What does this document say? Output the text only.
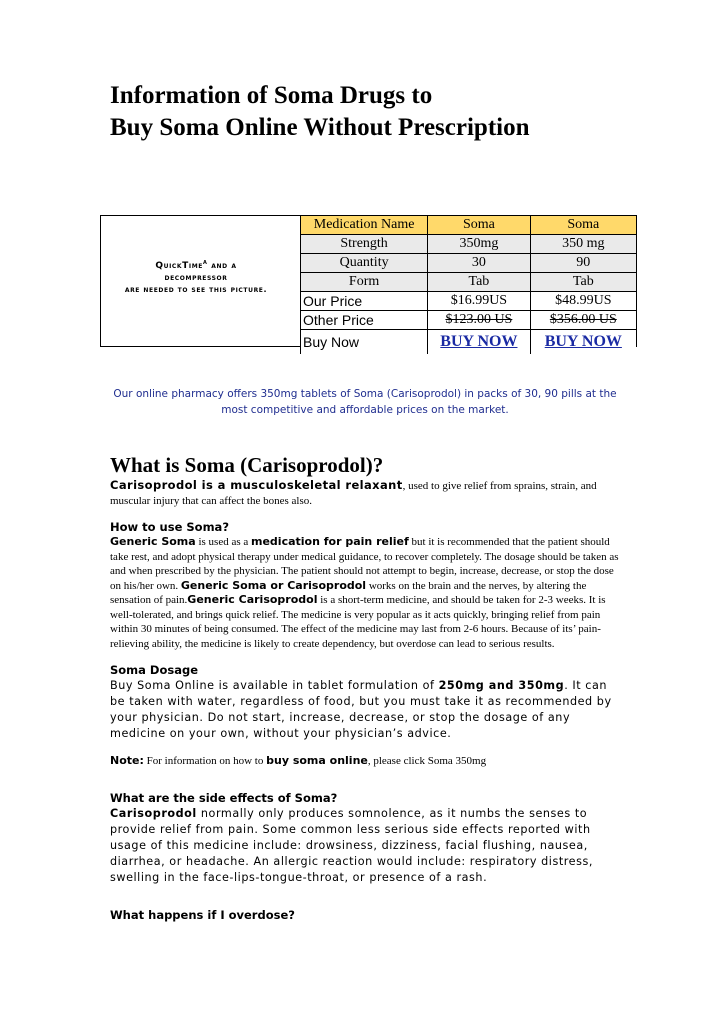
Information of Soma Drugs to
Buy Soma Online Without Prescription
QuickTime$^a$ and a
decompressor
are needed to see this picture.
Medication Name	Soma	Soma
Strength	350mg	350 mg
Quantity	30	90
Form	Tab	Tab
Our Price	$16.99US	$48.99US
Other Price	$123.00 US	$356.00 US
Buy Now	BUY NOW	BUY NOW
Our online pharmacy offers 350mg tablets of Soma (Carisoprodol) in packs of 30, 90 pills at the most competitive and affordable prices on the market.
What is Soma (Carisoprodol)?

Carisoprodol is a musculoskeletal relaxant, used to give relief from sprains, strain, and muscular injury that can affect the bones also.

How to use Soma?

Generic Soma is used as a medication for pain relief but it is recommended that the patient should take rest, and adopt physical therapy under medical guidance, to recover completely. The dosage should be taken as and when prescribed by the physician. The patient should not attempt to begin, increase, decrease, or stop the dose on his/her own. Generic Soma or Carisoprodol works on the brain and the nerves, by altering the sensation of pain.Generic Carisoprodol is a short-term medicine, and should be taken for 2-3 weeks. It is well-tolerated, and brings quick relief. The medicine is very popular as it acts quickly, bringing relief from pain within 30 minutes of being consumed. The effect of the medicine may last from 2-6 hours. Because of its’ pain-relieving ability, the medicine is likely to create dependency, but overdose can lead to serious results.

Soma Dosage

Buy Soma Online is available in tablet formulation of 250mg and 350mg. It can be taken with water, regardless of food, but you must take it as recommended by your physician. Do not start, increase, decrease, or stop the dosage of any medicine on your own, without your physician’s advice.

Note: For information on how to buy soma online, please click Soma 350mg

What are the side effects of Soma?

Carisoprodol normally only produces somnolence, as it numbs the senses to provide relief from pain. Some common less serious side effects reported with usage of this medicine include: drowsiness, dizziness, facial flushing, nausea, diarrhea, or headache. An allergic reaction would include: respiratory distress, swelling in the face-lips-tongue-throat, or presence of a rash.

What happens if I overdose?
